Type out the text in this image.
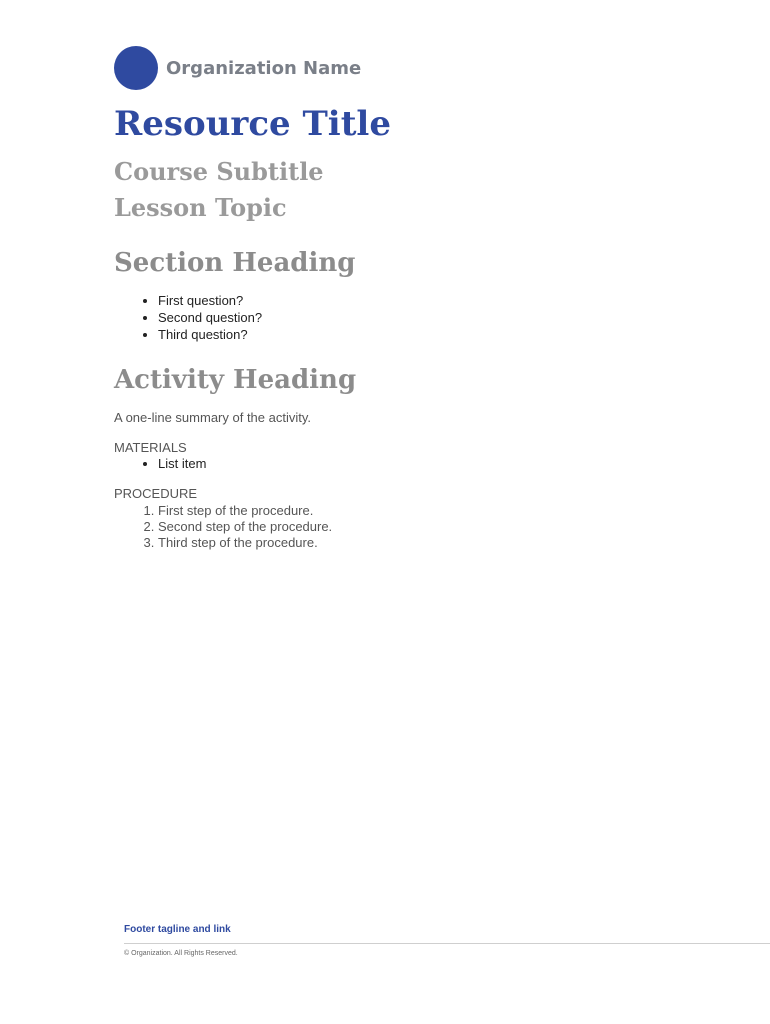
Organization Name
Resource Title
Course Subtitle
Lesson Topic
Section Heading
• First question?
• Second question?
• Third question?
Activity Heading

A one-line summary of the activity.

MATERIALS
• List item
PROCEDURE
1. First step of the procedure.
2. Second step of the procedure.
3. Third step of the procedure.
Footer tagline and link
© Organization. All Rights Reserved.
